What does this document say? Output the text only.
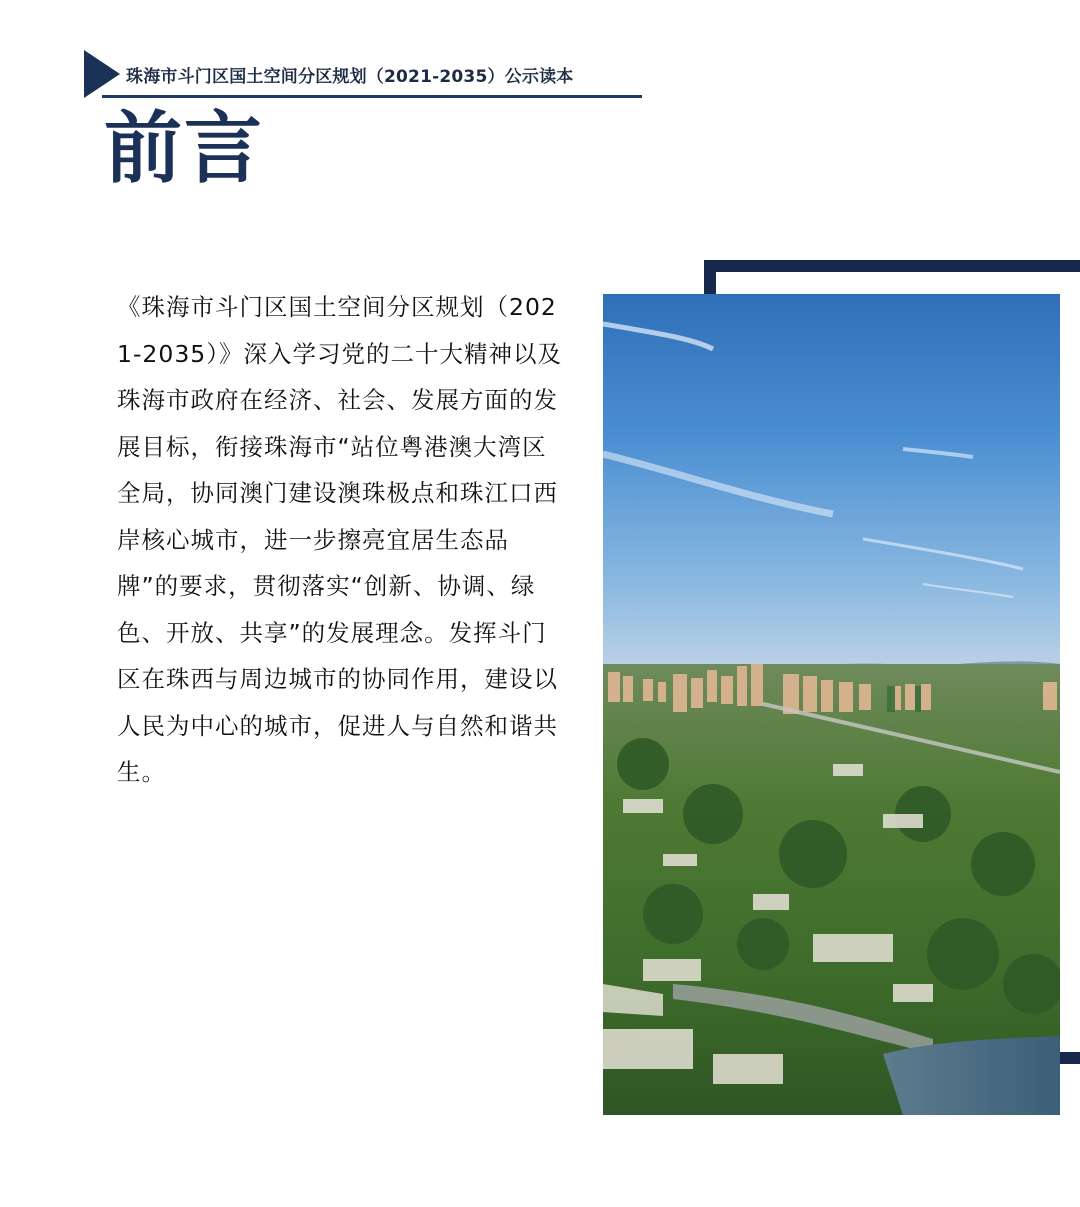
珠海市斗门区国土空间分区规划（2021-2035）公示读本
前言
《珠海市斗门区国土空间分区规划（2021-2035）》深入学习党的二十大精神以及珠海市政府在经济、社会、发展方面的发展目标，衔接珠海市“站位粤港澳大湾区全局，协同澳门建设澳珠极点和珠江口西岸核心城市，进一步擦亮宜居生态品牌”的要求，贯彻落实“创新、协调、绿色、开放、共享”的发展理念。发挥斗门区在珠西与周边城市的协同作用，建设以人民为中心的城市，促进人与自然和谐共生。
